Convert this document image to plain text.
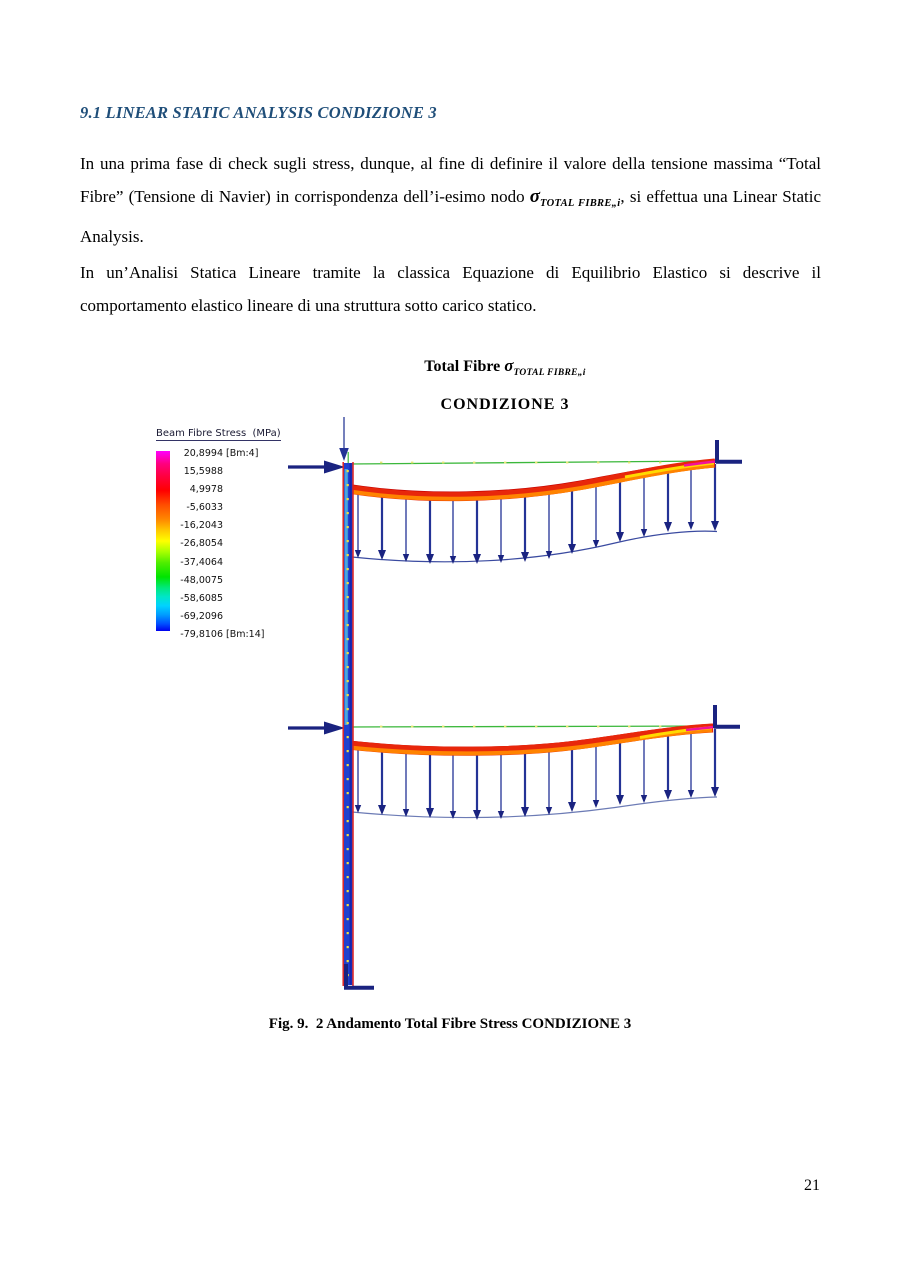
9.1 LINEAR STATIC ANALYSIS CONDIZIONE 3

In una prima fase di check sugli stress, dunque, al fine di definire il valore della tensione massima “Total Fibre” (Tensione di Navier) in corrispondenza dell’i-esimo nodo $\sigma_{TOTAL FIBRE„i}$, si effettua una Linear Static Analysis.

In un’Analisi Statica Lineare tramite la classica Equazione di Equilibrio Elastico si descrive il comportamento elastico lineare di una struttura sotto carico statico.

Total Fibre $\sigma_{TOTAL FIBRE„i}$
CONDIZIONE 3
Beam Fibre Stress  (MPa)
20,8994 [Bm:4]
15,5988
4,9978
-5,6033
-16,2043
-26,8054
-37,4064
-48,0075
-58,6085
-69,2096
-79,8106 [Bm:14]
Fig. 9.  2 Andamento Total Fibre Stress CONDIZIONE 3
21
